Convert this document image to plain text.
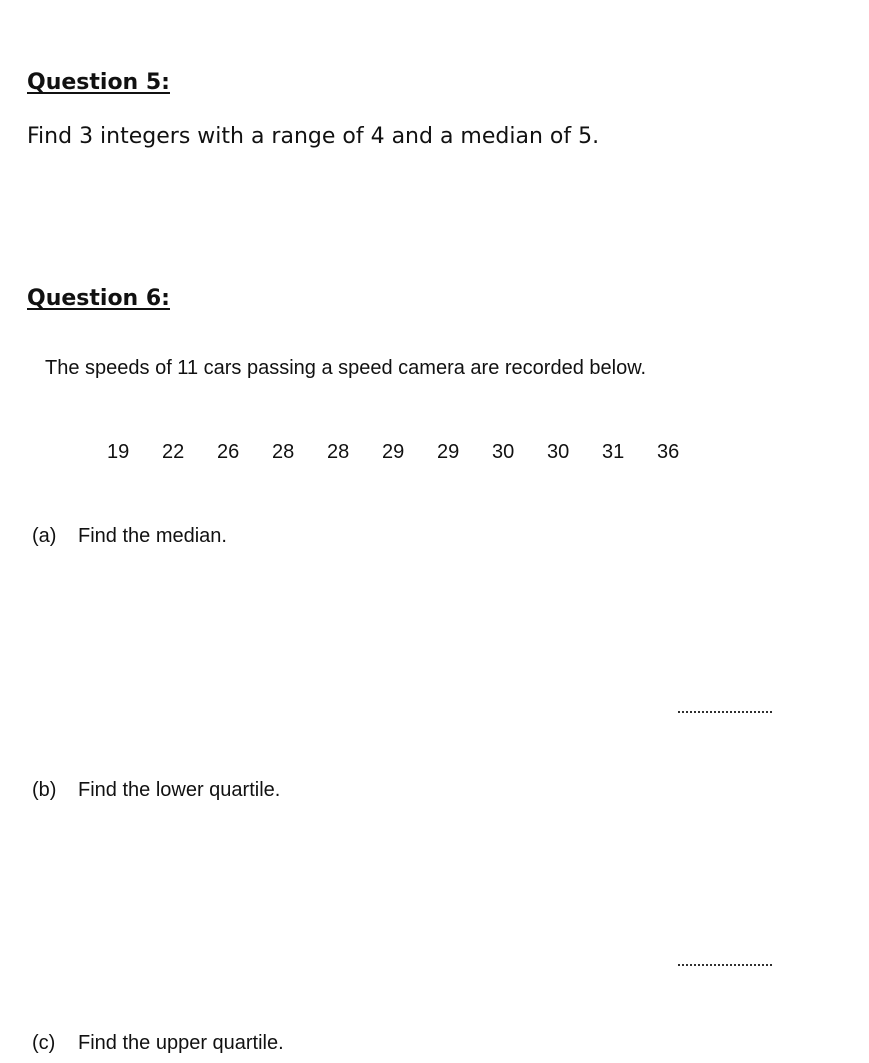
Question 5:

Find 3 integers with a range of 4 and a median of 5.

Question 6:

The speeds of 11 cars passing a speed camera are recorded below.

19 22 26 28 28 29 29 30 30 31 36

(a) Find the median.

(b) Find the lower quartile.

(c) Find the upper quartile.
